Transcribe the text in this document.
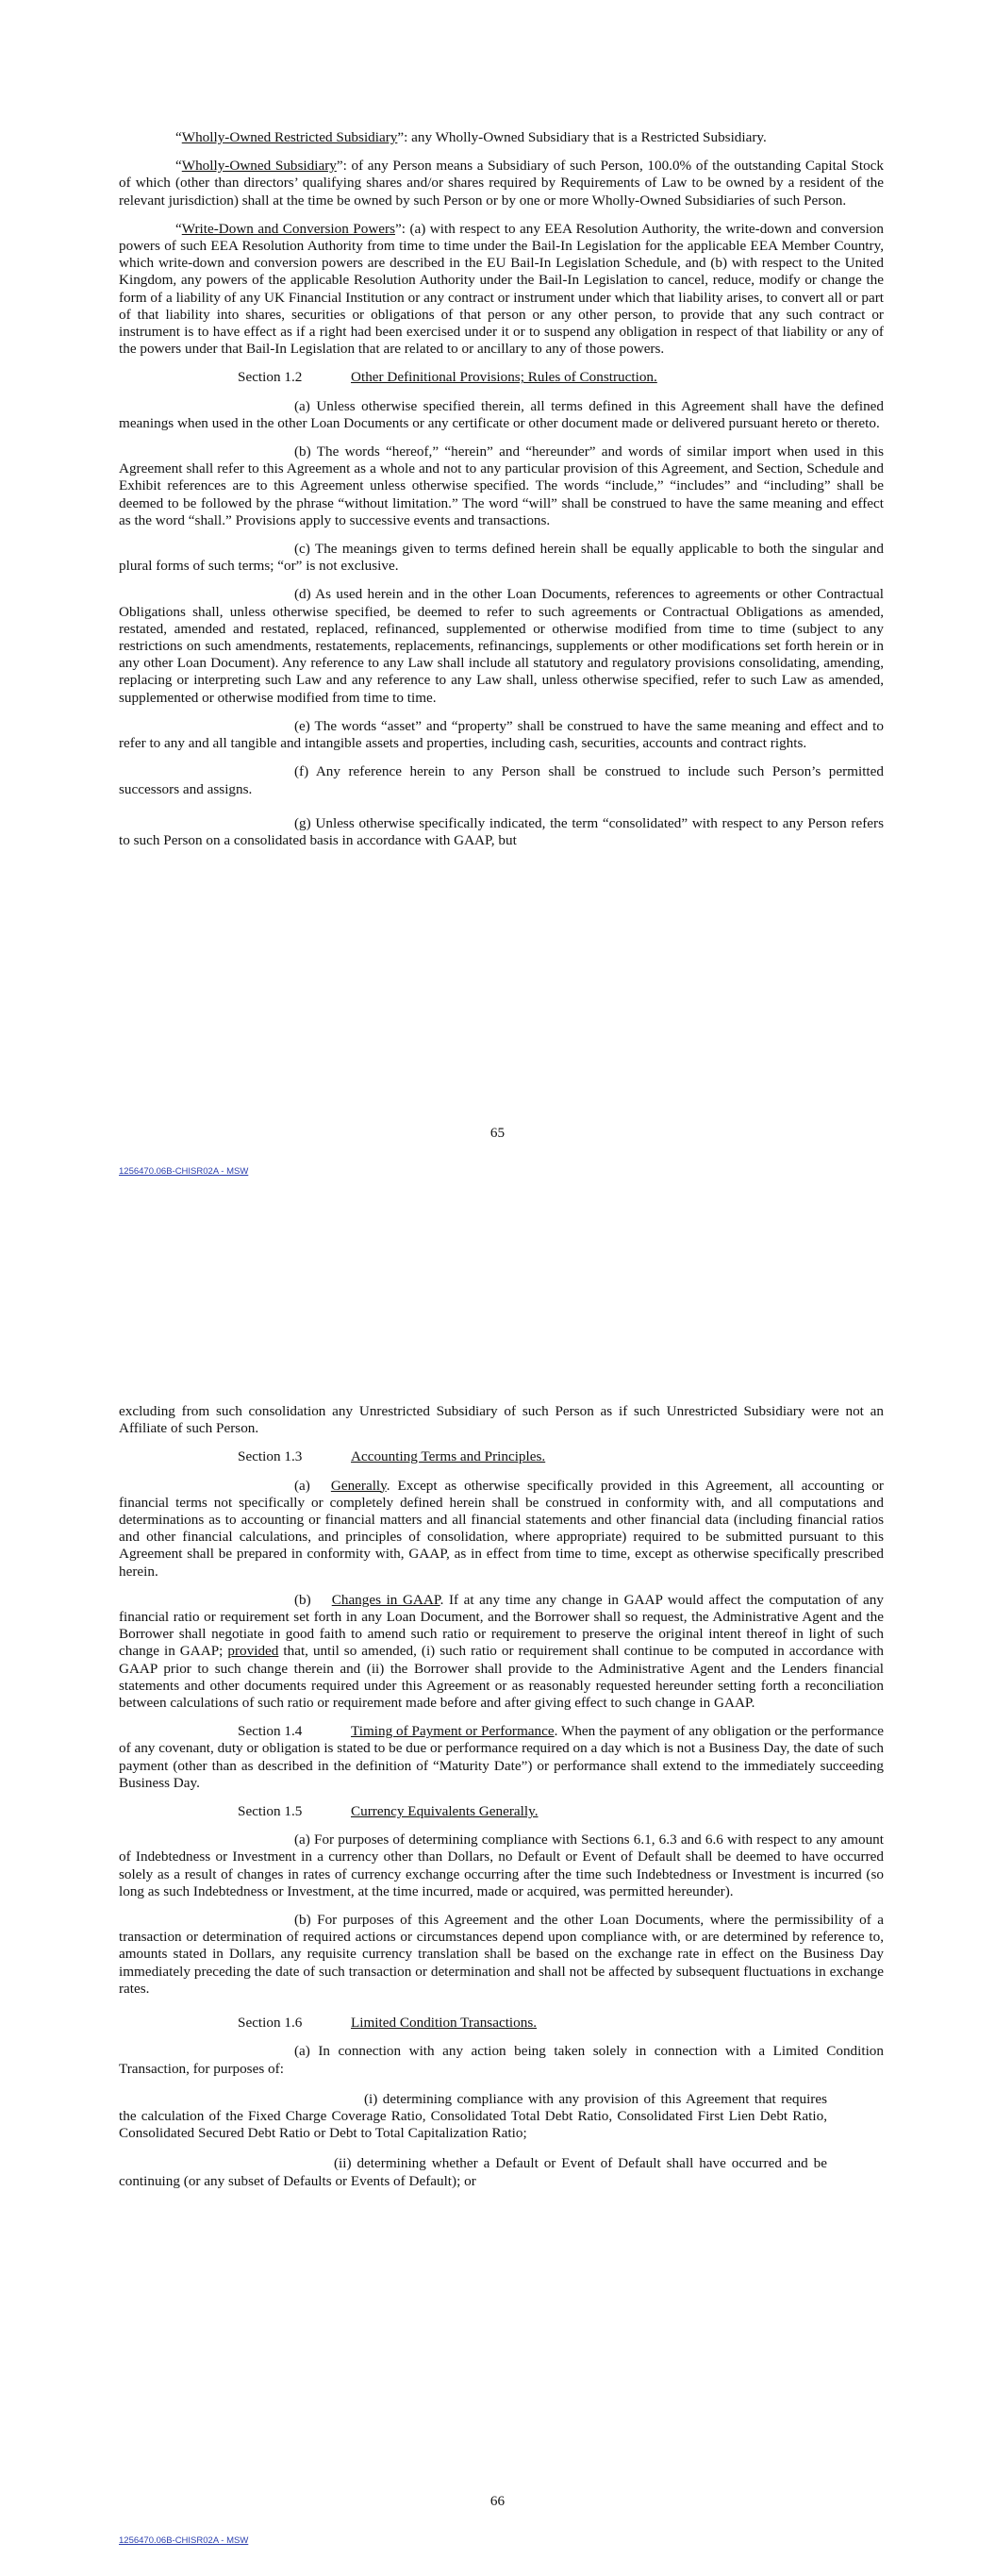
“Wholly-Owned Restricted Subsidiary”: any Wholly-Owned Subsidiary that is a Restricted Subsidiary.

“Wholly-Owned Subsidiary”: of any Person means a Subsidiary of such Person, 100.0% of the outstanding Capital Stock of which (other than directors’ qualifying shares and/or shares required by Requirements of Law to be owned by a resident of the relevant jurisdiction) shall at the time be owned by such Person or by one or more Wholly-Owned Subsidiaries of such Person.

“Write-Down and Conversion Powers”: (a) with respect to any EEA Resolution Authority, the write-down and conversion powers of such EEA Resolution Authority from time to time under the Bail-In Legislation for the applicable EEA Member Country, which write-down and conversion powers are described in the EU Bail-In Legislation Schedule, and (b) with respect to the United Kingdom, any powers of the applicable Resolution Authority under the Bail-In Legislation to cancel, reduce, modify or change the form of a liability of any UK Financial Institution or any contract or instrument under which that liability arises, to convert all or part of that liability into shares, securities or obligations of that person or any other person, to provide that any such contract or instrument is to have effect as if a right had been exercised under it or to suspend any obligation in respect of that liability or any of the powers under that Bail-In Legislation that are related to or ancillary to any of those powers.

Section 1.2	Other Definitional Provisions; Rules of Construction.

(a) Unless otherwise specified therein, all terms defined in this Agreement shall have the defined meanings when used in the other Loan Documents or any certificate or other document made or delivered pursuant hereto or thereto.

(b) The words “hereof,” “herein” and “hereunder” and words of similar import when used in this Agreement shall refer to this Agreement as a whole and not to any particular provision of this Agreement, and Section, Schedule and Exhibit references are to this Agreement unless otherwise specified. The words “include,” “includes” and “including” shall be deemed to be followed by the phrase “without limitation.” The word “will” shall be construed to have the same meaning and effect as the word “shall.” Provisions apply to successive events and transactions.

(c) The meanings given to terms defined herein shall be equally applicable to both the singular and plural forms of such terms; “or” is not exclusive.

(d) As used herein and in the other Loan Documents, references to agreements or other Contractual Obligations shall, unless otherwise specified, be deemed to refer to such agreements or Contractual Obligations as amended, restated, amended and restated, replaced, refinanced, supplemented or otherwise modified from time to time (subject to any restrictions on such amendments, restatements, replacements, refinancings, supplements or other modifications set forth herein or in any other Loan Document). Any reference to any Law shall include all statutory and regulatory provisions consolidating, amending, replacing or interpreting such Law and any reference to any Law shall, unless otherwise specified, refer to such Law as amended, supplemented or otherwise modified from time to time.

(e) The words “asset” and “property” shall be construed to have the same meaning and effect and to refer to any and all tangible and intangible assets and properties, including cash, securities, accounts and contract rights.

(f) Any reference herein to any Person shall be construed to include such Person’s permitted successors and assigns.

(g) Unless otherwise specifically indicated, the term “consolidated” with respect to any Person refers to such Person on a consolidated basis in accordance with GAAP, but

65
1256470.06B-CHISR02A - MSW

excluding from such consolidation any Unrestricted Subsidiary of such Person as if such Unrestricted Subsidiary were not an Affiliate of such Person.

Section 1.3	Accounting Terms and Principles.

(a) Generally. Except as otherwise specifically provided in this Agreement, all accounting or financial terms not specifically or completely defined herein shall be construed in conformity with, and all computations and determinations as to accounting or financial matters and all financial statements and other financial data (including financial ratios and other financial calculations, and principles of consolidation, where appropriate) required to be submitted pursuant to this Agreement shall be prepared in conformity with, GAAP, as in effect from time to time, except as otherwise specifically prescribed herein.

(b) Changes in GAAP. If at any time any change in GAAP would affect the computation of any financial ratio or requirement set forth in any Loan Document, and the Borrower shall so request, the Administrative Agent and the Borrower shall negotiate in good faith to amend such ratio or requirement to preserve the original intent thereof in light of such change in GAAP; provided that, until so amended, (i) such ratio or requirement shall continue to be computed in accordance with GAAP prior to such change therein and (ii) the Borrower shall provide to the Administrative Agent and the Lenders financial statements and other documents required under this Agreement or as reasonably requested hereunder setting forth a reconciliation between calculations of such ratio or requirement made before and after giving effect to such change in GAAP.

Section 1.4	Timing of Payment or Performance. When the payment of any obligation or the performance of any covenant, duty or obligation is stated to be due or performance required on a day which is not a Business Day, the date of such payment (other than as described in the definition of “Maturity Date”) or performance shall extend to the immediately succeeding Business Day.

Section 1.5	Currency Equivalents Generally.

(a) For purposes of determining compliance with Sections 6.1, 6.3 and 6.6 with respect to any amount of Indebtedness or Investment in a currency other than Dollars, no Default or Event of Default shall be deemed to have occurred solely as a result of changes in rates of currency exchange occurring after the time such Indebtedness or Investment is incurred (so long as such Indebtedness or Investment, at the time incurred, made or acquired, was permitted hereunder).

(b) For purposes of this Agreement and the other Loan Documents, where the permissibility of a transaction or determination of required actions or circumstances depend upon compliance with, or are determined by reference to, amounts stated in Dollars, any requisite currency translation shall be based on the exchange rate in effect on the Business Day immediately preceding the date of such transaction or determination and shall not be affected by subsequent fluctuations in exchange rates.

Section 1.6	Limited Condition Transactions.

(a) In connection with any action being taken solely in connection with a Limited Condition Transaction, for purposes of:

(i) determining compliance with any provision of this Agreement that requires the calculation of the Fixed Charge Coverage Ratio, Consolidated Total Debt Ratio, Consolidated First Lien Debt Ratio, Consolidated Secured Debt Ratio or Debt to Total Capitalization Ratio;

(ii) determining whether a Default or Event of Default shall have occurred and be continuing (or any subset of Defaults or Events of Default); or

66
1256470.06B-CHISR02A - MSW
